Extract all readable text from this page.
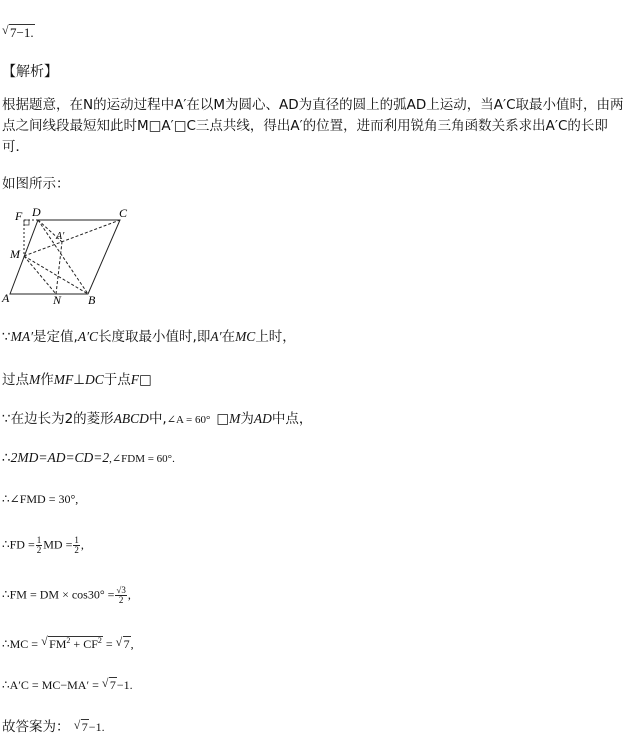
√ 7−1.
【解析】
根据题意，在N的运动过程中A′在以M为圆心、AD为直径的圆上的弧AD上运动，当A′C取最小值时，由两点之间线段最短知此时M□A′□C三点共线，得出A′的位置，进而利用锐角三角函数关系求出A′C的长即可．
如图所示：
F D	C
A′
M
A	N B
∵MA′是定值,A′C长度取最小值时,即A′在MC上时，
过点M作MF⊥DC于点F□
∵在边长为2的菱形ABCD中,∠A = 60° □M为AD中点，
∴2MD=AD=CD=2,∠FDM = 60°.
∴∠FMD = 30°,
∴FD = $\frac{1}{2}$ MD = $\frac{1}{2}$ ,
∴FM = DM × $\cos 30^\circ = \frac{√3}{2}$ ,
∴MC = √ $FM^2 + CF^2$ = √ 7,
∴A′C = MC−MA′ = √ 7−1.
故答案为： √ 7−1.
